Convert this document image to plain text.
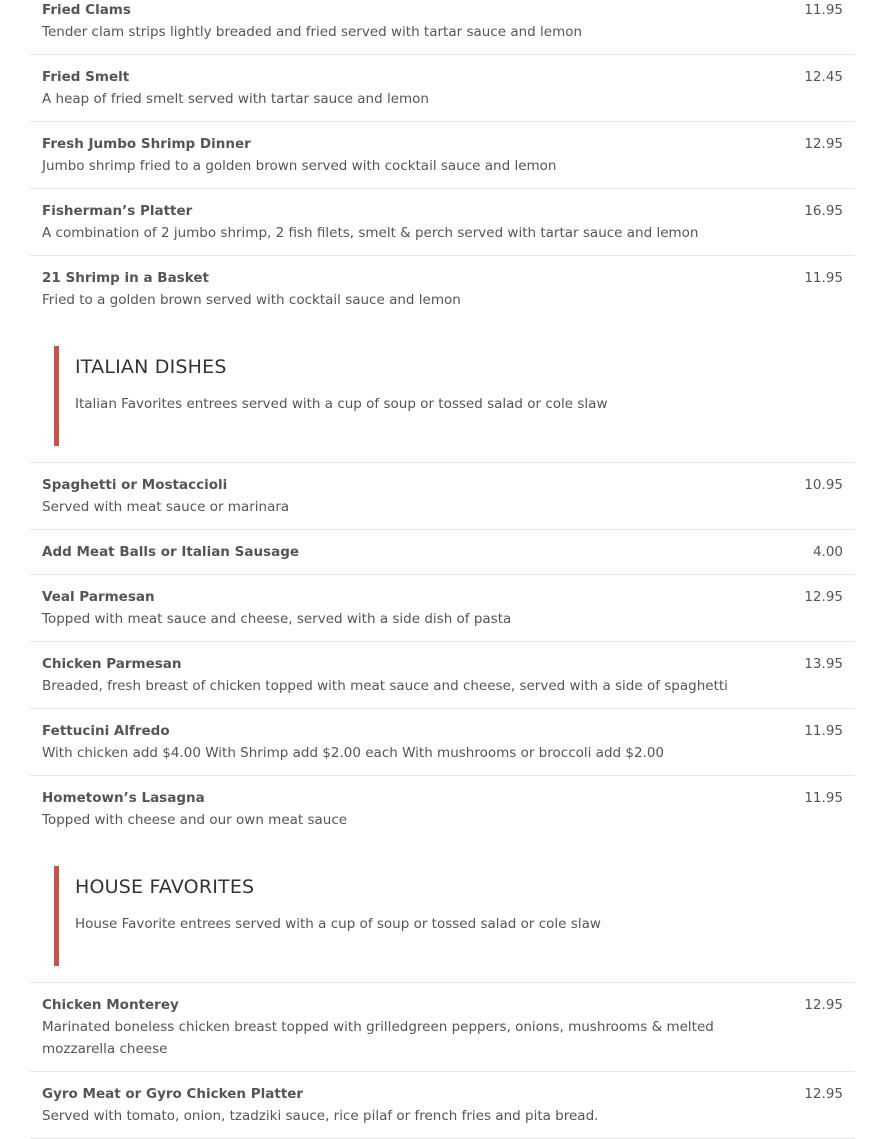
Fried Clams
Tender clam strips lightly breaded and fried served with tartar sauce and lemon
11.95
Fried Smelt
A heap of fried smelt served with tartar sauce and lemon
12.45
Fresh Jumbo Shrimp Dinner
Jumbo shrimp fried to a golden brown served with cocktail sauce and lemon
12.95
Fisherman’s Platter
A combination of 2 jumbo shrimp, 2 fish filets, smelt & perch served with tartar sauce and lemon
16.95
21 Shrimp in a Basket
Fried to a golden brown served with cocktail sauce and lemon
11.95
ITALIAN DISHES

Italian Favorites entrees served with a cup of soup or tossed salad or cole slaw

Spaghetti or Mostaccioli
Served with meat sauce or marinara
10.95
Add Meat Balls or Italian Sausage	4.00
Veal Parmesan
Topped with meat sauce and cheese, served with a side dish of pasta
12.95
Chicken Parmesan
Breaded, fresh breast of chicken topped with meat sauce and cheese, served with a side of spaghetti
13.95
Fettucini Alfredo
With chicken add $4.00 With Shrimp add $2.00 each With mushrooms or broccoli add $2.00
11.95
Hometown’s Lasagna
Topped with cheese and our own meat sauce
11.95
HOUSE FAVORITES

House Favorite entrees served with a cup of soup or tossed salad or cole slaw

Chicken Monterey
Marinated boneless chicken breast topped with grilledgreen peppers, onions, mushrooms & melted mozzarella cheese
12.95
Gyro Meat or Gyro Chicken Platter
Served with tomato, onion, tzadziki sauce, rice pilaf or french fries and pita bread.
12.95
